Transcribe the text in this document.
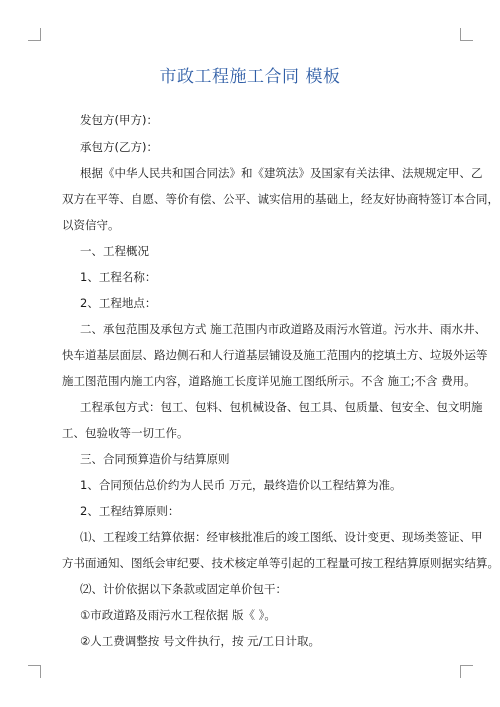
市政工程施工合同 模板
发包方(甲方)：
承包方(乙方)：
根据《中华人民共和国合同法》和《建筑法》及国家有关法律、法规规定甲、乙
双方在平等、自愿、等价有偿、公平、诚实信用的基础上，经友好协商特签订本合同，
以资信守。
一、工程概况
1、工程名称：
2、工程地点：
二、承包范围及承包方式 施工范围内市政道路及雨污水管道。污水井、雨水井、
快车道基层面层、路边侧石和人行道基层铺设及施工范围内的挖填土方、垃圾外运等
施工图范围内施工内容，道路施工长度详见施工图纸所示。不含 施工;不含 费用。
工程承包方式：包工、包料、包机械设备、包工具、包质量、包安全、包文明施
工、包验收等一切工作。
三、合同预算造价与结算原则
1、合同预估总价约为人民币 万元，最终造价以工程结算为准。
2、工程结算原则：
⑴、工程竣工结算依据：经审核批准后的竣工图纸、设计变更、现场类签证、甲
方书面通知、图纸会审纪要、技术核定单等引起的工程量可按工程结算原则据实结算。
⑵、计价依据以下条款或固定单价包干：
①市政道路及雨污水工程依据 版《 》。
②人工费调整按 号文件执行，按 元/工日计取。
